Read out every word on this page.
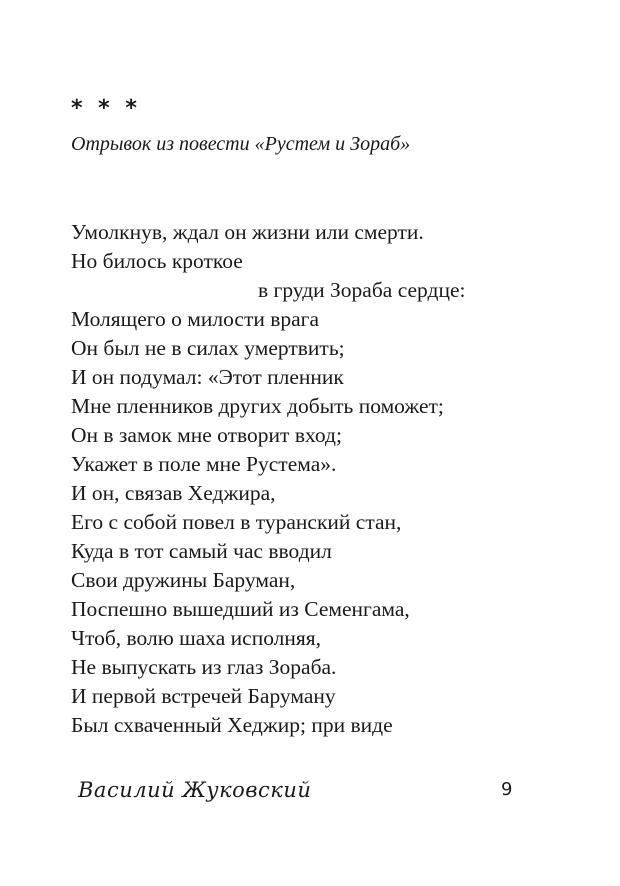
* * *
Отрывок из повести «Рустем и Зораб»
Умолкнув, ждал он жизни или смерти.
Но билось кроткое
в груди Зораба сердце:
Молящего о милости врага
Он был не в силах умертвить;
И он подумал: «Этот пленник
Мне пленников других добыть поможет;
Он в замок мне отворит вход;
Укажет в поле мне Рустема».
И он, связав Хеджира,
Его с собой повел в туранский стан,
Куда в тот самый час вводил
Свои дружины Баруман,
Поспешно вышедший из Семенгама,
Чтоб, волю шаха исполняя,
Не выпускать из глаз Зораба.
И первой встречей Баруману
Был схваченный Хеджир; при виде
Василий Жуковский	9
